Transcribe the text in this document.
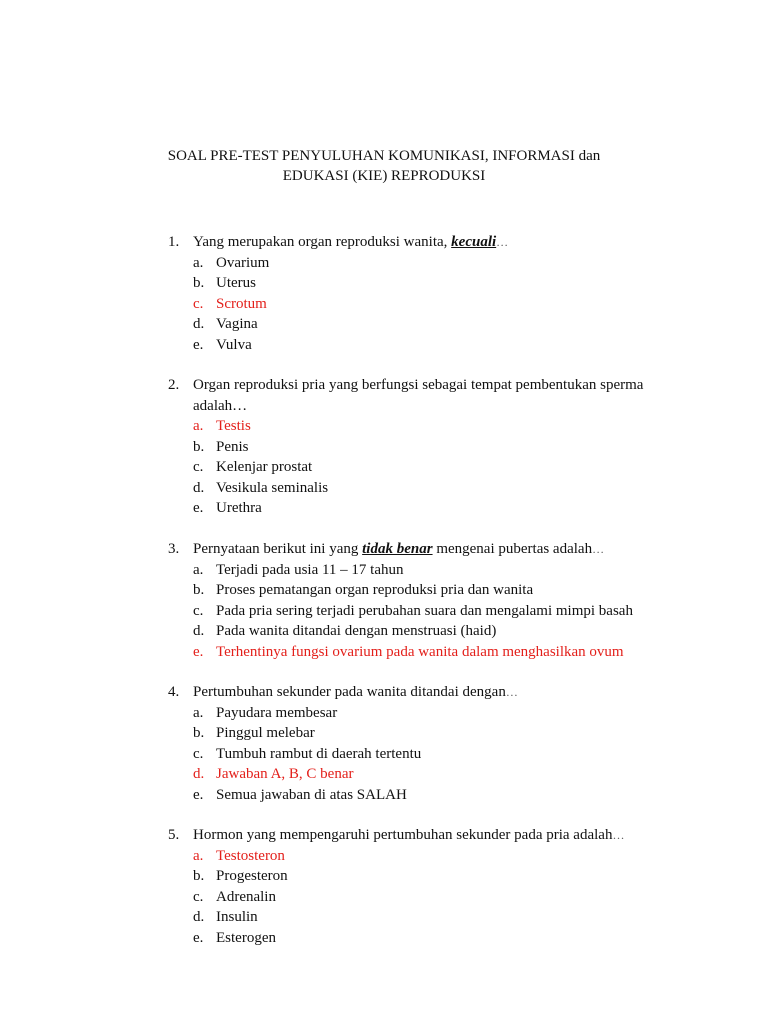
SOAL PRE-TEST PENYULUHAN KOMUNIKASI, INFORMASI dan
EDUKASI (KIE) REPRODUKSI
1. Yang merupakan organ reproduksi wanita, kecuali…
a. Ovarium
b. Uterus
c. Scrotum
d. Vagina
e. Vulva
2. Organ reproduksi pria yang berfungsi sebagai tempat pembentukan sperma
adalah…
a. Testis
b. Penis
c. Kelenjar prostat
d. Vesikula seminalis
e. Urethra
3. Pernyataan berikut ini yang tidak benar mengenai pubertas adalah…
a. Terjadi pada usia 11 – 17 tahun
b. Proses pematangan organ reproduksi pria dan wanita
c. Pada pria sering terjadi perubahan suara dan mengalami mimpi basah
d. Pada wanita ditandai dengan menstruasi (haid)
e. Terhentinya fungsi ovarium pada wanita dalam menghasilkan ovum
4. Pertumbuhan sekunder pada wanita ditandai dengan…
a. Payudara membesar
b. Pinggul melebar
c. Tumbuh rambut di daerah tertentu
d. Jawaban A, B, C benar
e. Semua jawaban di atas SALAH
5. Hormon yang mempengaruhi pertumbuhan sekunder pada pria adalah…
a. Testosteron
b. Progesteron
c. Adrenalin
d. Insulin
e. Esterogen
